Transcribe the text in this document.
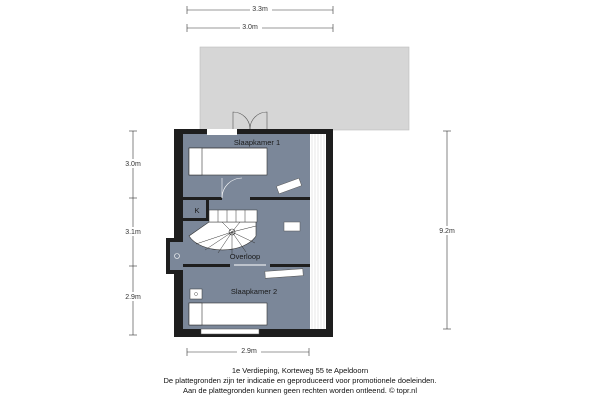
3.3m
3.0m
Slaapkamer 1
K
Overloop
Slaapkamer 2
3.0m
3.1m
2.9m
9.2m
2.9m

1e Verdieping, Korteweg 55 te Apeldoorn

De plattegronden zijn ter indicatie en geproduceerd voor promotionele doeleinden.

Aan de plattegronden kunnen geen rechten worden ontleend. © topr.nl
